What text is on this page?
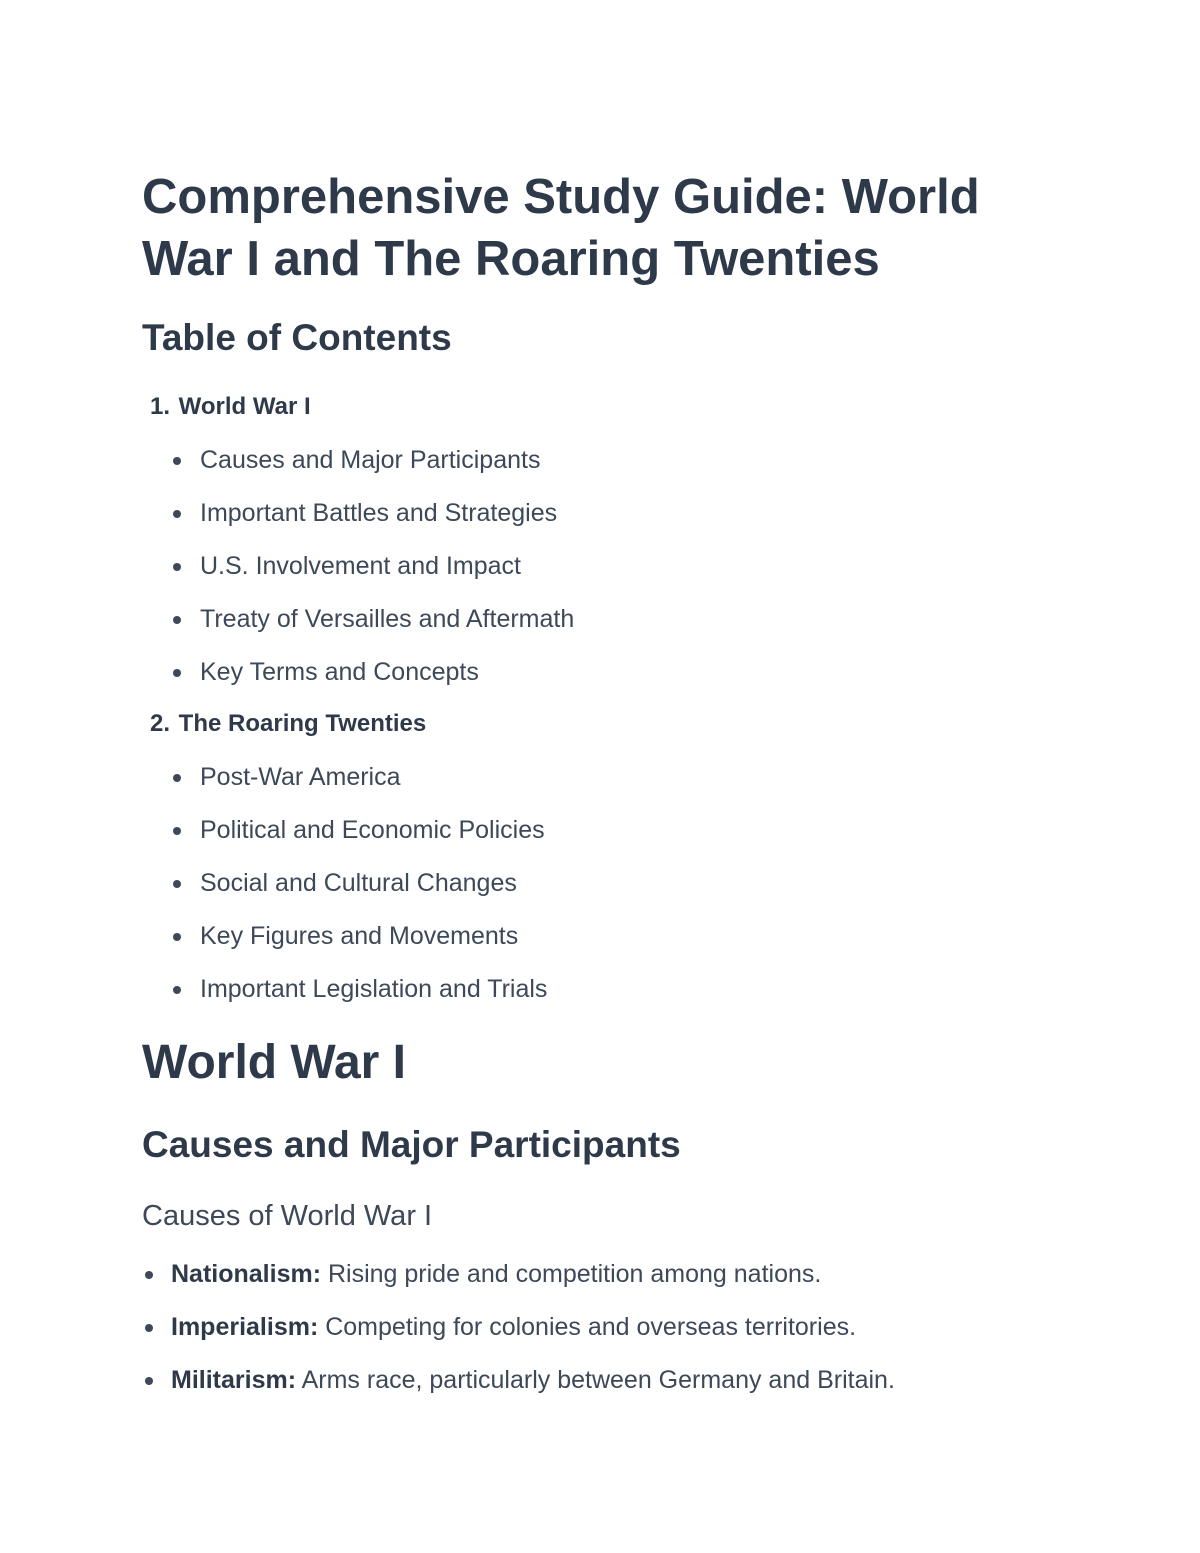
Comprehensive Study Guide: World War I and The Roaring Twenties
Table of Contents
1. World War I
Causes and Major Participants
Important Battles and Strategies
U.S. Involvement and Impact
Treaty of Versailles and Aftermath
Key Terms and Concepts
2. The Roaring Twenties
Post-War America
Political and Economic Policies
Social and Cultural Changes
Key Figures and Movements
Important Legislation and Trials
World War I
Causes and Major Participants
Causes of World War I
Nationalism: Rising pride and competition among nations.
Imperialism: Competing for colonies and overseas territories.
Militarism: Arms race, particularly between Germany and Britain.
